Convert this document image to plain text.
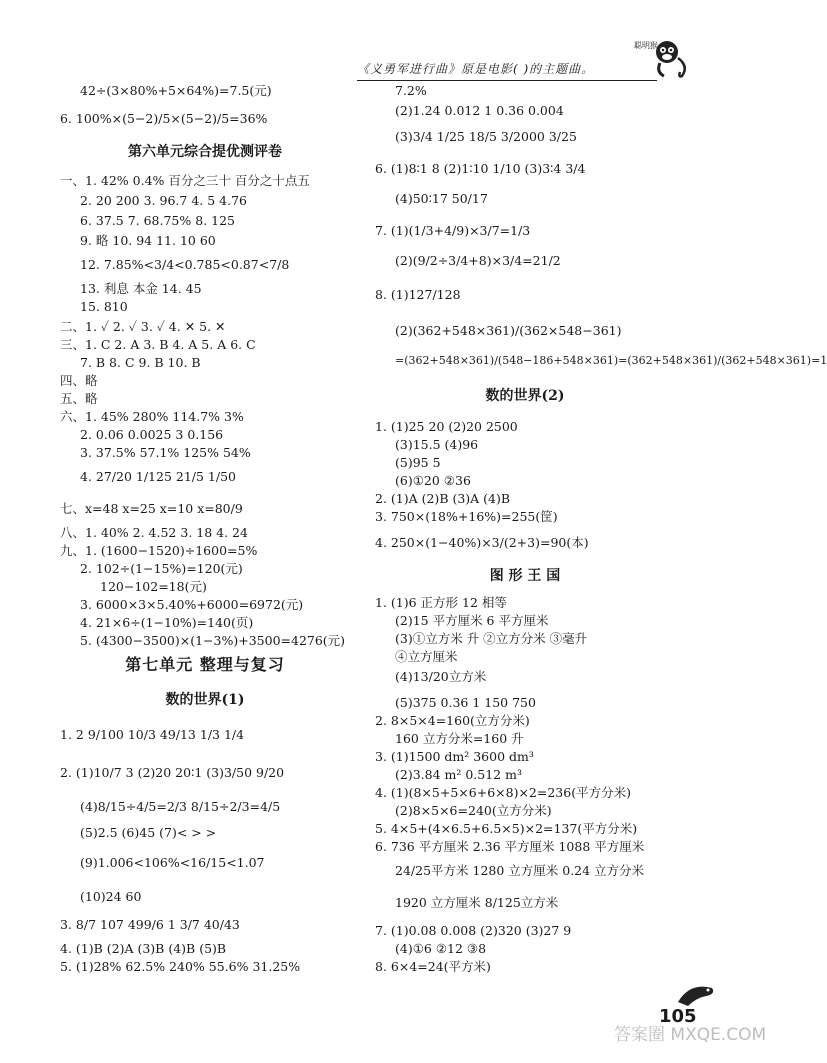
《义勇军进行曲》原是电影( )的主题曲。
聪明猴
42÷(3×80%+5×64%)=7.5(元)
6. 100%×(5−2)/5×(5−2)/5=36%
第六单元综合提优测评卷
一、1. 42% 0.4% 百分之三十 百分之十点五
2. 20 200 3. 96.7 4. 5 4.76
6. 37.5 7. 68.75% 8. 125
9. 略 10. 94 11. 10 60
12. 7.85%<3/4<0.785<0.87<7/8
13. 利息 本金 14. 45
15. 810
二、1. ✓ 2. ✓ 3. ✓ 4. ✕ 5. ✕
三、1. C 2. A 3. B 4. A 5. A 6. C
7. B 8. C 9. B 10. B
四、略
五、略
六、1. 45% 280% 114.7% 3%
2. 0.06 0.0025 3 0.156
3. 37.5% 57.1% 125% 54%
4. 27/20 1/125 21/5 1/50
七、x=48 x=25 x=10 x=80/9
八、1. 40% 2. 4.52 3. 18 4. 24
九、1. (1600−1520)÷1600=5%
2. 102÷(1−15%)=120(元)
120−102=18(元)
3. 6000×3×5.40%+6000=6972(元)
4. 21×6÷(1−10%)=140(页)
5. (4300−3500)×(1−3%)+3500=4276(元)
第七单元 整理与复习
数的世界(1)
1. 2 9/100 10/3 49/13 1/3 1/4
2. (1)10/7 3 (2)20 20∶1 (3)3/50 9/20
(4)8/15÷4/5=2/3 8/15÷2/3=4/5
(5)2.5 (6)45 (7)< > >
(9)1.006<106%<16/15<1.07
(10)24 60
3. 8/7 107 499/6 1 3/7 40/43
4. (1)B (2)A (3)B (4)B (5)B
5. (1)28% 62.5% 240% 55.6% 31.25%
7.2%
(2)1.24 0.012 1 0.36 0.004
(3)3/4 1/25 18/5 3/2000 3/25
6. (1)8∶1 8 (2)1∶10 1/10 (3)3∶4 3/4
(4)50∶17 50/17
7. (1)(1/3+4/9)×3/7=1/3
(2)(9/2÷3/4+8)×3/4=21/2
8. (1)127/128
(2)(362+548×361)/(362×548−361)
=(362+548×361)/(548−186+548×361)=(362+548×361)/(362+548×361)=1
数的世界(2)
1. (1)25 20 (2)20 2500
(3)15.5 (4)96
(5)95 5
(6)①20 ②36
2. (1)A (2)B (3)A (4)B
3. 750×(18%+16%)=255(筐)
4. 250×(1−40%)×3/(2+3)=90(本)
图 形 王 国
1. (1)6 正方形 12 相等
(2)15 平方厘米 6 平方厘米
(3)①立方米 升 ②立方分米 ③毫升
④立方厘米
(4)13/20立方米
(5)375 0.36 1 150 750
2. 8×5×4=160(立方分米)
160 立方分米=160 升
3. (1)1500 dm² 3600 dm³
(2)3.84 m² 0.512 m³
4. (1)(8×5+5×6+6×8)×2=236(平方分米)
(2)8×5×6=240(立方分米)
5. 4×5+(4×6.5+6.5×5)×2=137(平方分米)
6. 736 平方厘米 2.36 平方厘米 1088 平方厘米
24/25平方米 1280 立方厘米 0.24 立方分米
1920 立方厘米 8/125立方米
7. (1)0.08 0.008 (2)320 (3)27 9
(4)①6 ②12 ③8
8. 6×4=24(平方米)
105
答案圈 MXQE.COM
